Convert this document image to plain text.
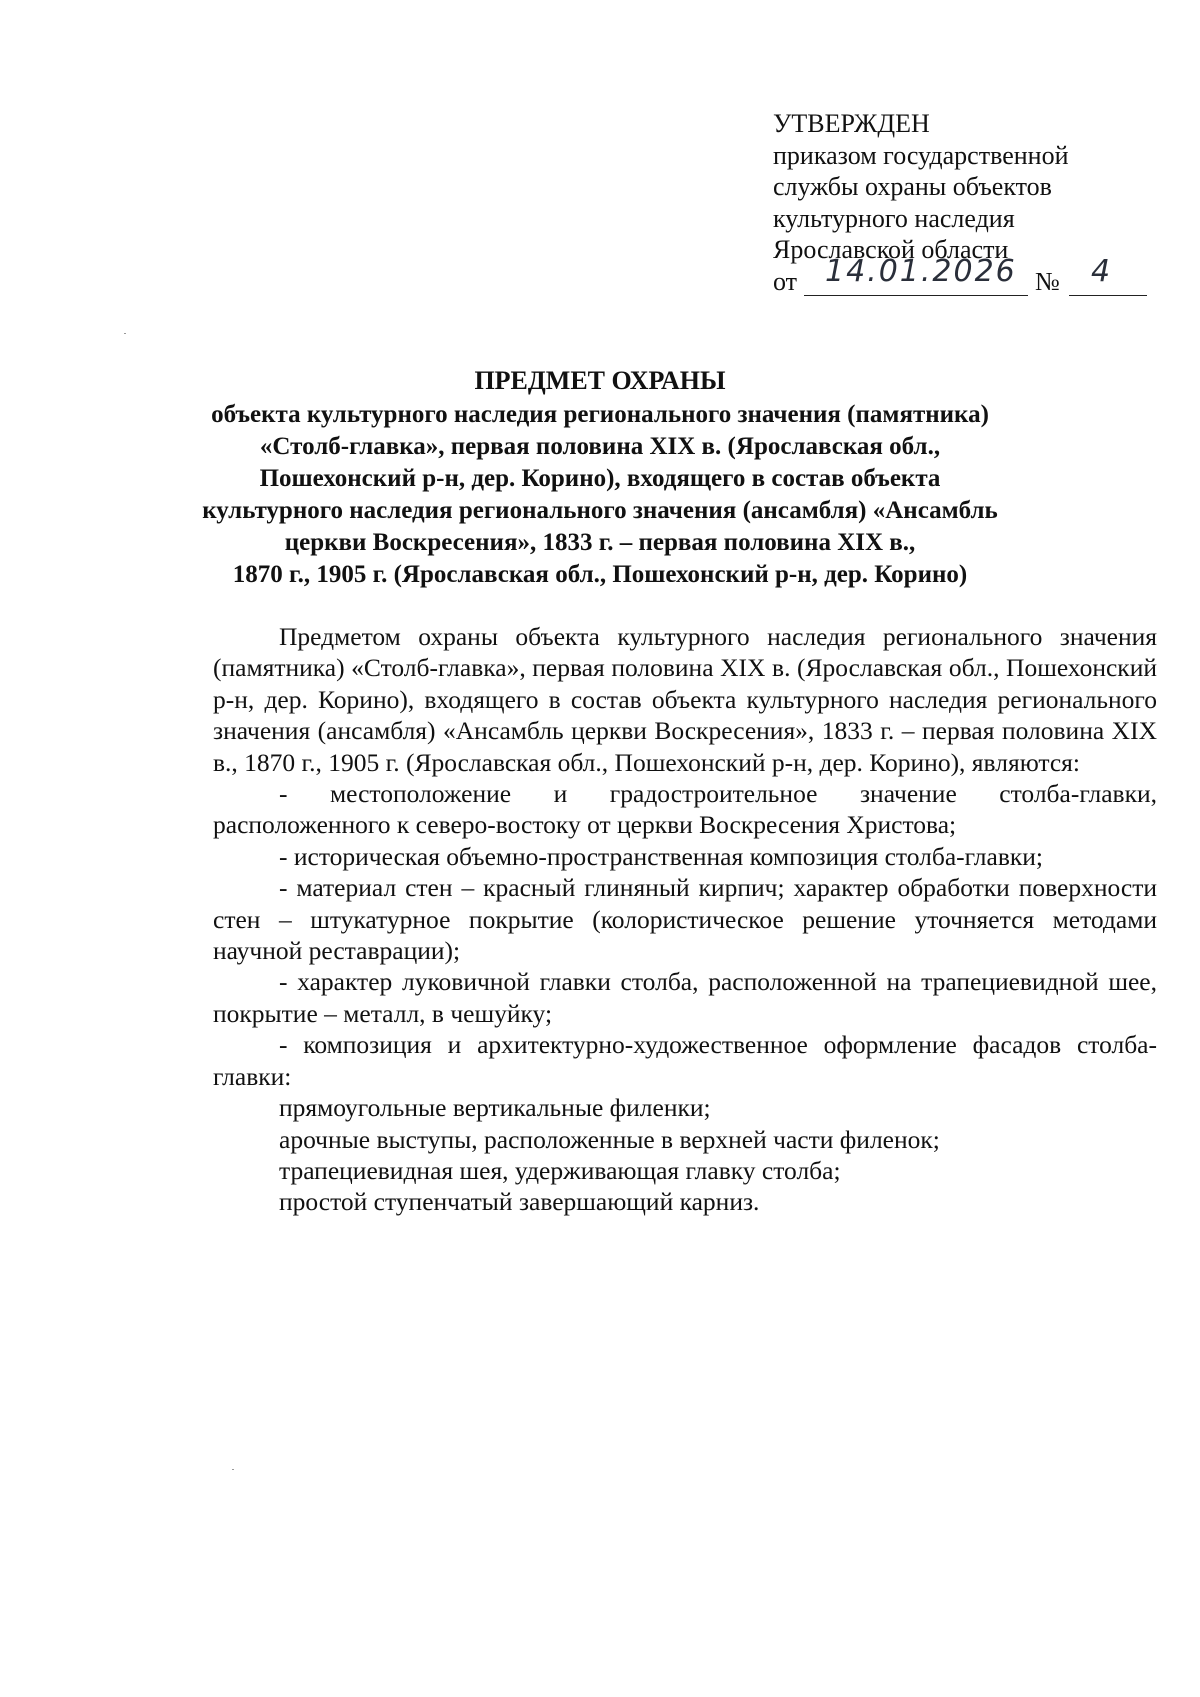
УТВЕРЖДЕН
приказом государственной
службы охраны объектов
культурного наследия
Ярославской области
от 14.01.2026 № 4
ПРЕДМЕТ ОХРАНЫ
объекта культурного наследия регионального значения (памятника)
«Столб-главка», первая половина XIX в. (Ярославская обл.,
Пошехонский р-н, дер. Корино), входящего в состав объекта
культурного наследия регионального значения (ансамбля) «Ансамбль
церкви Воскресения», 1833 г. – первая половина XIX в.,
1870 г., 1905 г. (Ярославская обл., Пошехонский р-н, дер. Корино)

Предметом охраны объекта культурного наследия регионального значения (памятника) «Столб-главка», первая половина XIX в. (Ярославская обл., Пошехонский р-н, дер. Корино), входящего в состав объекта культурного наследия регионального значения (ансамбля) «Ансамбль церкви Воскресения», 1833 г. – первая половина XIX в., 1870 г., 1905 г. (Ярославская обл., Пошехонский р-н, дер. Корино), являются:

- местоположение и градостроительное значение столба-главки, расположенного к северо-востоку от церкви Воскресения Христова;

- историческая объемно-пространственная композиция столба-главки;

- материал стен – красный глиняный кирпич; характер обработки поверхности стен – штукатурное покрытие (колористическое решение уточняется методами научной реставрации);

- характер луковичной главки столба, расположенной на трапециевидной шее, покрытие – металл, в чешуйку;

- композиция и архитектурно-художественное оформление фасадов столба-главки:

прямоугольные вертикальные филенки;

арочные выступы, расположенные в верхней части филенок;

трапециевидная шея, удерживающая главку столба;

простой ступенчатый завершающий карниз.
